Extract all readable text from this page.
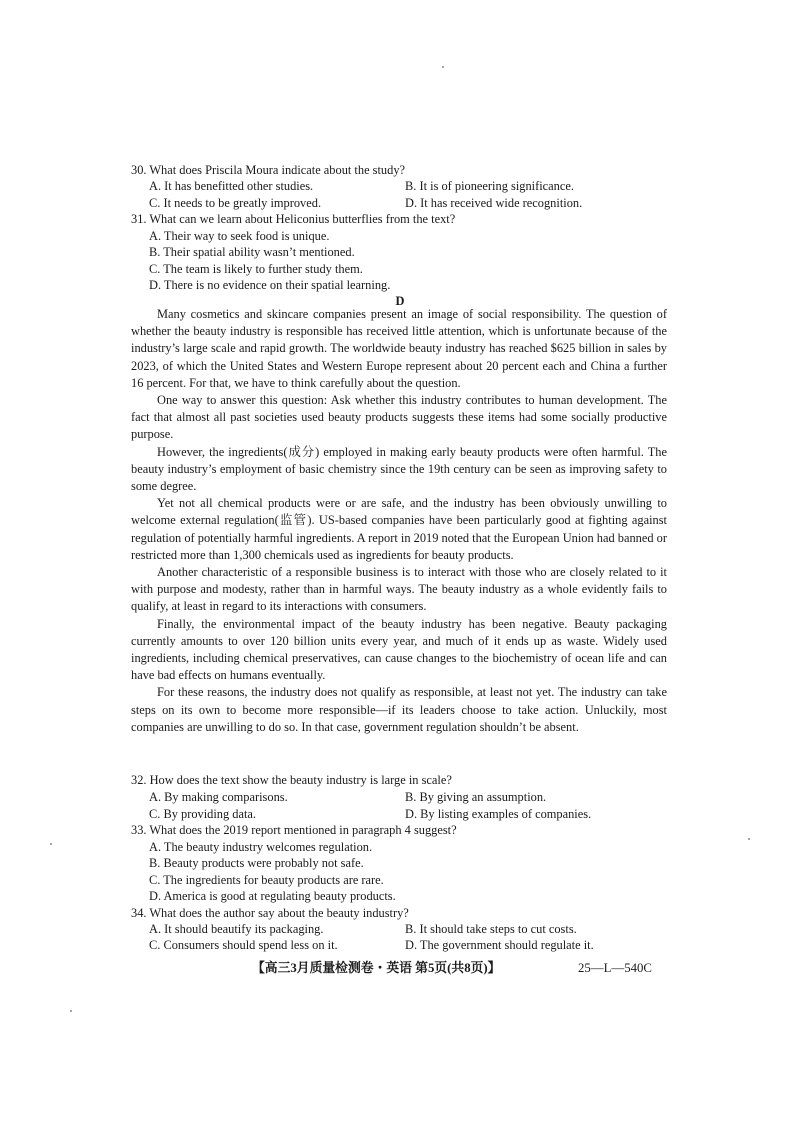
30. What does Priscila Moura indicate about the study?
A. It has benefitted other studies.	B. It is of pioneering significance.
C. It needs to be greatly improved.	D. It has received wide recognition.
31. What can we learn about Heliconius butterflies from the text?
A. Their way to seek food is unique.
B. Their spatial ability wasn’t mentioned.
C. The team is likely to further study them.
D. There is no evidence on their spatial learning.
D

Many cosmetics and skincare companies present an image of social responsibility. The question of whether the beauty industry is responsible has received little attention, which is unfortunate because of the industry’s large scale and rapid growth. The worldwide beauty industry has reached $625 billion in sales by 2023, of which the United States and Western Europe represent about 20 percent each and China a further 16 percent. For that, we have to think carefully about the question.

One way to answer this question: Ask whether this industry contributes to human development. The fact that almost all past societies used beauty products suggests these items had some socially productive purpose.

However, the ingredients(成分) employed in making early beauty products were often harmful. The beauty industry’s employment of basic chemistry since the 19th century can be seen as improving safety to some degree.

Yet not all chemical products were or are safe, and the industry has been obviously unwilling to welcome external regulation(监管). US-based companies have been particularly good at fighting against regulation of potentially harmful ingredients. A report in 2019 noted that the European Union had banned or restricted more than 1,300 chemicals used as ingredients for beauty products.

Another characteristic of a responsible business is to interact with those who are closely related to it with purpose and modesty, rather than in harmful ways. The beauty industry as a whole evidently fails to qualify, at least in regard to its interactions with consumers.

Finally, the environmental impact of the beauty industry has been negative. Beauty packaging currently amounts to over 120 billion units every year, and much of it ends up as waste. Widely used ingredients, including chemical preservatives, can cause changes to the biochemistry of ocean life and can have bad effects on humans eventually.

For these reasons, the industry does not qualify as responsible, at least not yet. The industry can take steps on its own to become more responsible—if its leaders choose to take action. Unluckily, most companies are unwilling to do so. In that case, government regulation shouldn’t be absent.

32. How does the text show the beauty industry is large in scale?
A. By making comparisons.	B. By giving an assumption.
C. By providing data.	D. By listing examples of companies.
33. What does the 2019 report mentioned in paragraph 4 suggest?
A. The beauty industry welcomes regulation.
B. Beauty products were probably not safe.
C. The ingredients for beauty products are rare.
D. America is good at regulating beauty products.
34. What does the author say about the beauty industry?
A. It should beautify its packaging.	B. It should take steps to cut costs.
C. Consumers should spend less on it.	D. The government should regulate it.
【高三3月质量检测卷・英语 第5页(共8页)】	25—L—540C
